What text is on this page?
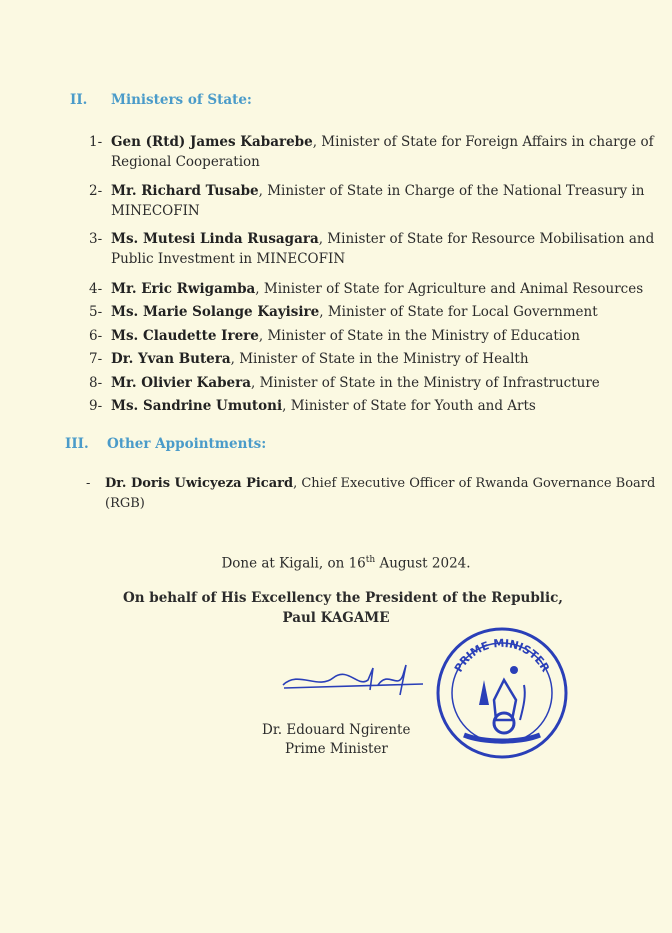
II. Ministers of State:
1- Gen (Rtd) James Kabarebe, Minister of State for Foreign Affairs in charge of
Regional Cooperation
2- Mr. Richard Tusabe, Minister of State in Charge of the National Treasury in
MINECOFIN
3- Ms. Mutesi Linda Rusagara, Minister of State for Resource Mobilisation and
Public Investment in MINECOFIN
4- Mr. Eric Rwigamba, Minister of State for Agriculture and Animal Resources
5- Ms. Marie Solange Kayisire, Minister of State for Local Government
6- Ms. Claudette Irere, Minister of State in the Ministry of Education
7- Dr. Yvan Butera, Minister of State in the Ministry of Health
8- Mr. Olivier Kabera, Minister of State in the Ministry of Infrastructure
9- Ms. Sandrine Umutoni, Minister of State for Youth and Arts
III. Other Appointments:
- Dr. Doris Uwicyeza Picard, Chief Executive Officer of Rwanda Governance Board
(RGB)
Done at Kigali, on 16th August 2024.
On behalf of His Excellency the President of the Republic,
Paul KAGAME
Dr. Edouard Ngirente
Prime Minister
PRIME MINISTER
